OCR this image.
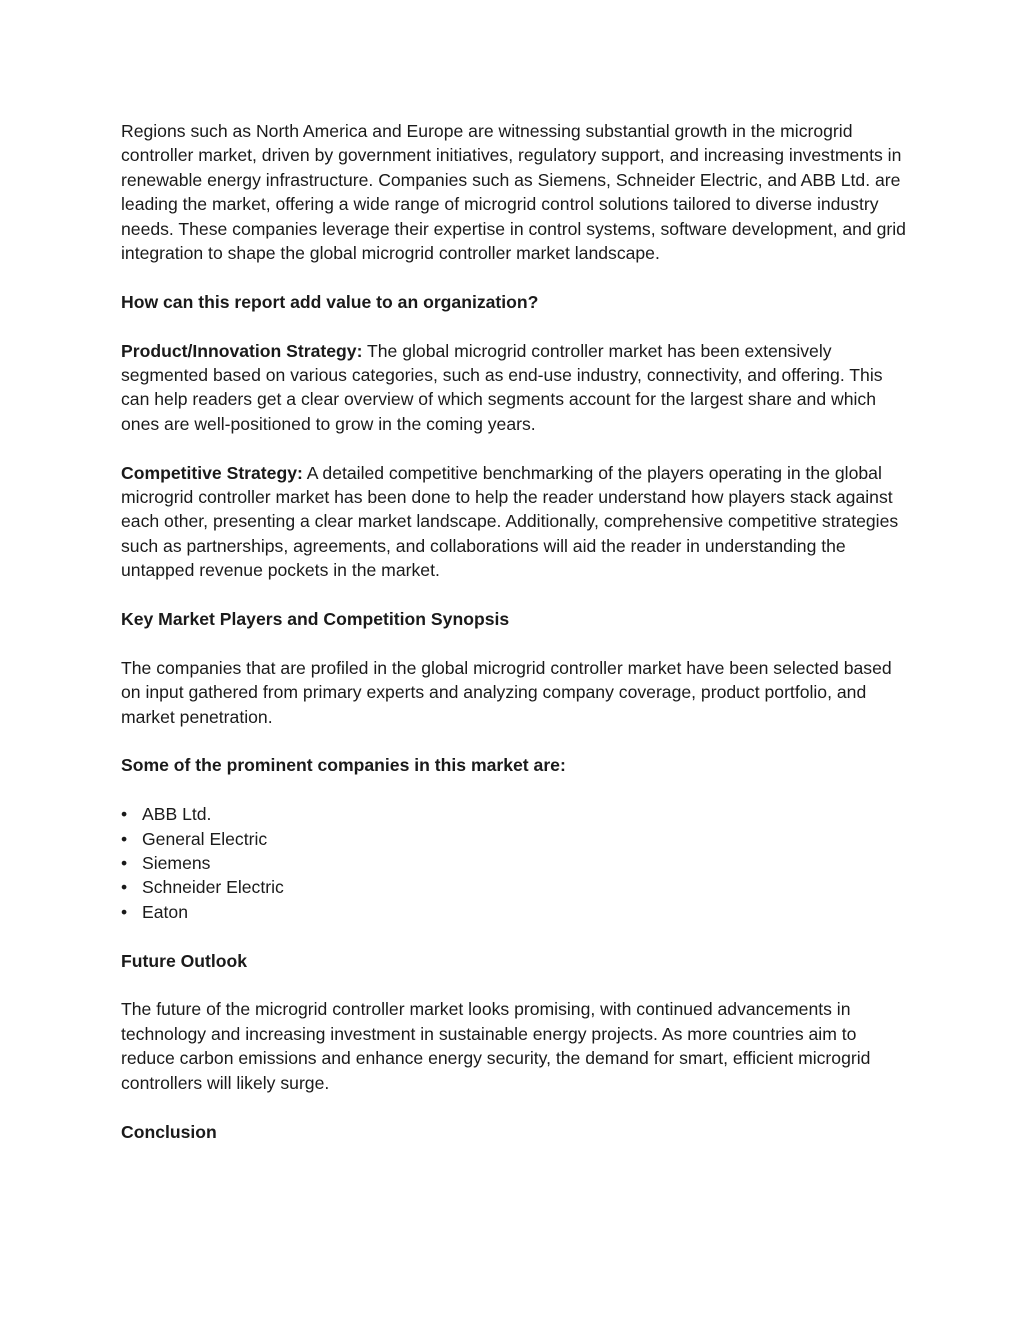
Regions such as North America and Europe are witnessing substantial growth in the microgrid controller market, driven by government initiatives, regulatory support, and increasing investments in renewable energy infrastructure. Companies such as Siemens, Schneider Electric, and ABB Ltd. are leading the market, offering a wide range of microgrid control solutions tailored to diverse industry needs. These companies leverage their expertise in control systems, software development, and grid integration to shape the global microgrid controller market landscape.

How can this report add value to an organization?

Product/Innovation Strategy: The global microgrid controller market has been extensively segmented based on various categories, such as end-use industry, connectivity, and offering. This can help readers get a clear overview of which segments account for the largest share and which ones are well-positioned to grow in the coming years.

Competitive Strategy: A detailed competitive benchmarking of the players operating in the global microgrid controller market has been done to help the reader understand how players stack against each other, presenting a clear market landscape. Additionally, comprehensive competitive strategies such as partnerships, agreements, and collaborations will aid the reader in understanding the untapped revenue pockets in the market.

Key Market Players and Competition Synopsis

The companies that are profiled in the global microgrid controller market have been selected based on input gathered from primary experts and analyzing company coverage, product portfolio, and market penetration.

Some of the prominent companies in this market are:

• ABB Ltd.
• General Electric
• Siemens
• Schneider Electric
• Eaton

Future Outlook

The future of the microgrid controller market looks promising, with continued advancements in technology and increasing investment in sustainable energy projects. As more countries aim to reduce carbon emissions and enhance energy security, the demand for smart, efficient microgrid controllers will likely surge.

Conclusion
